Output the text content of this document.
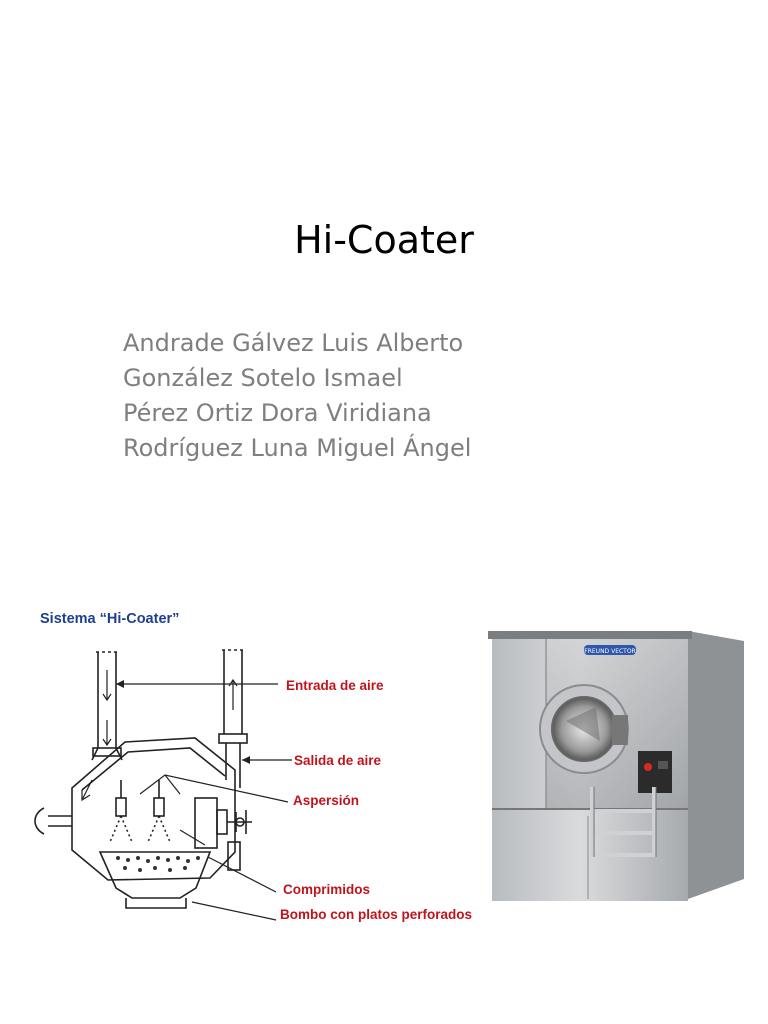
Hi-Coater
Andrade Gálvez Luis Alberto
González Sotelo Ismael
Pérez Ortiz Dora Viridiana
Rodríguez Luna Miguel Ángel
Sistema “Hi-Coater”
Entrada de aire
Salida de aire
Aspersión
Comprimidos
Bombo con platos perforados
FREUND VECTOR
